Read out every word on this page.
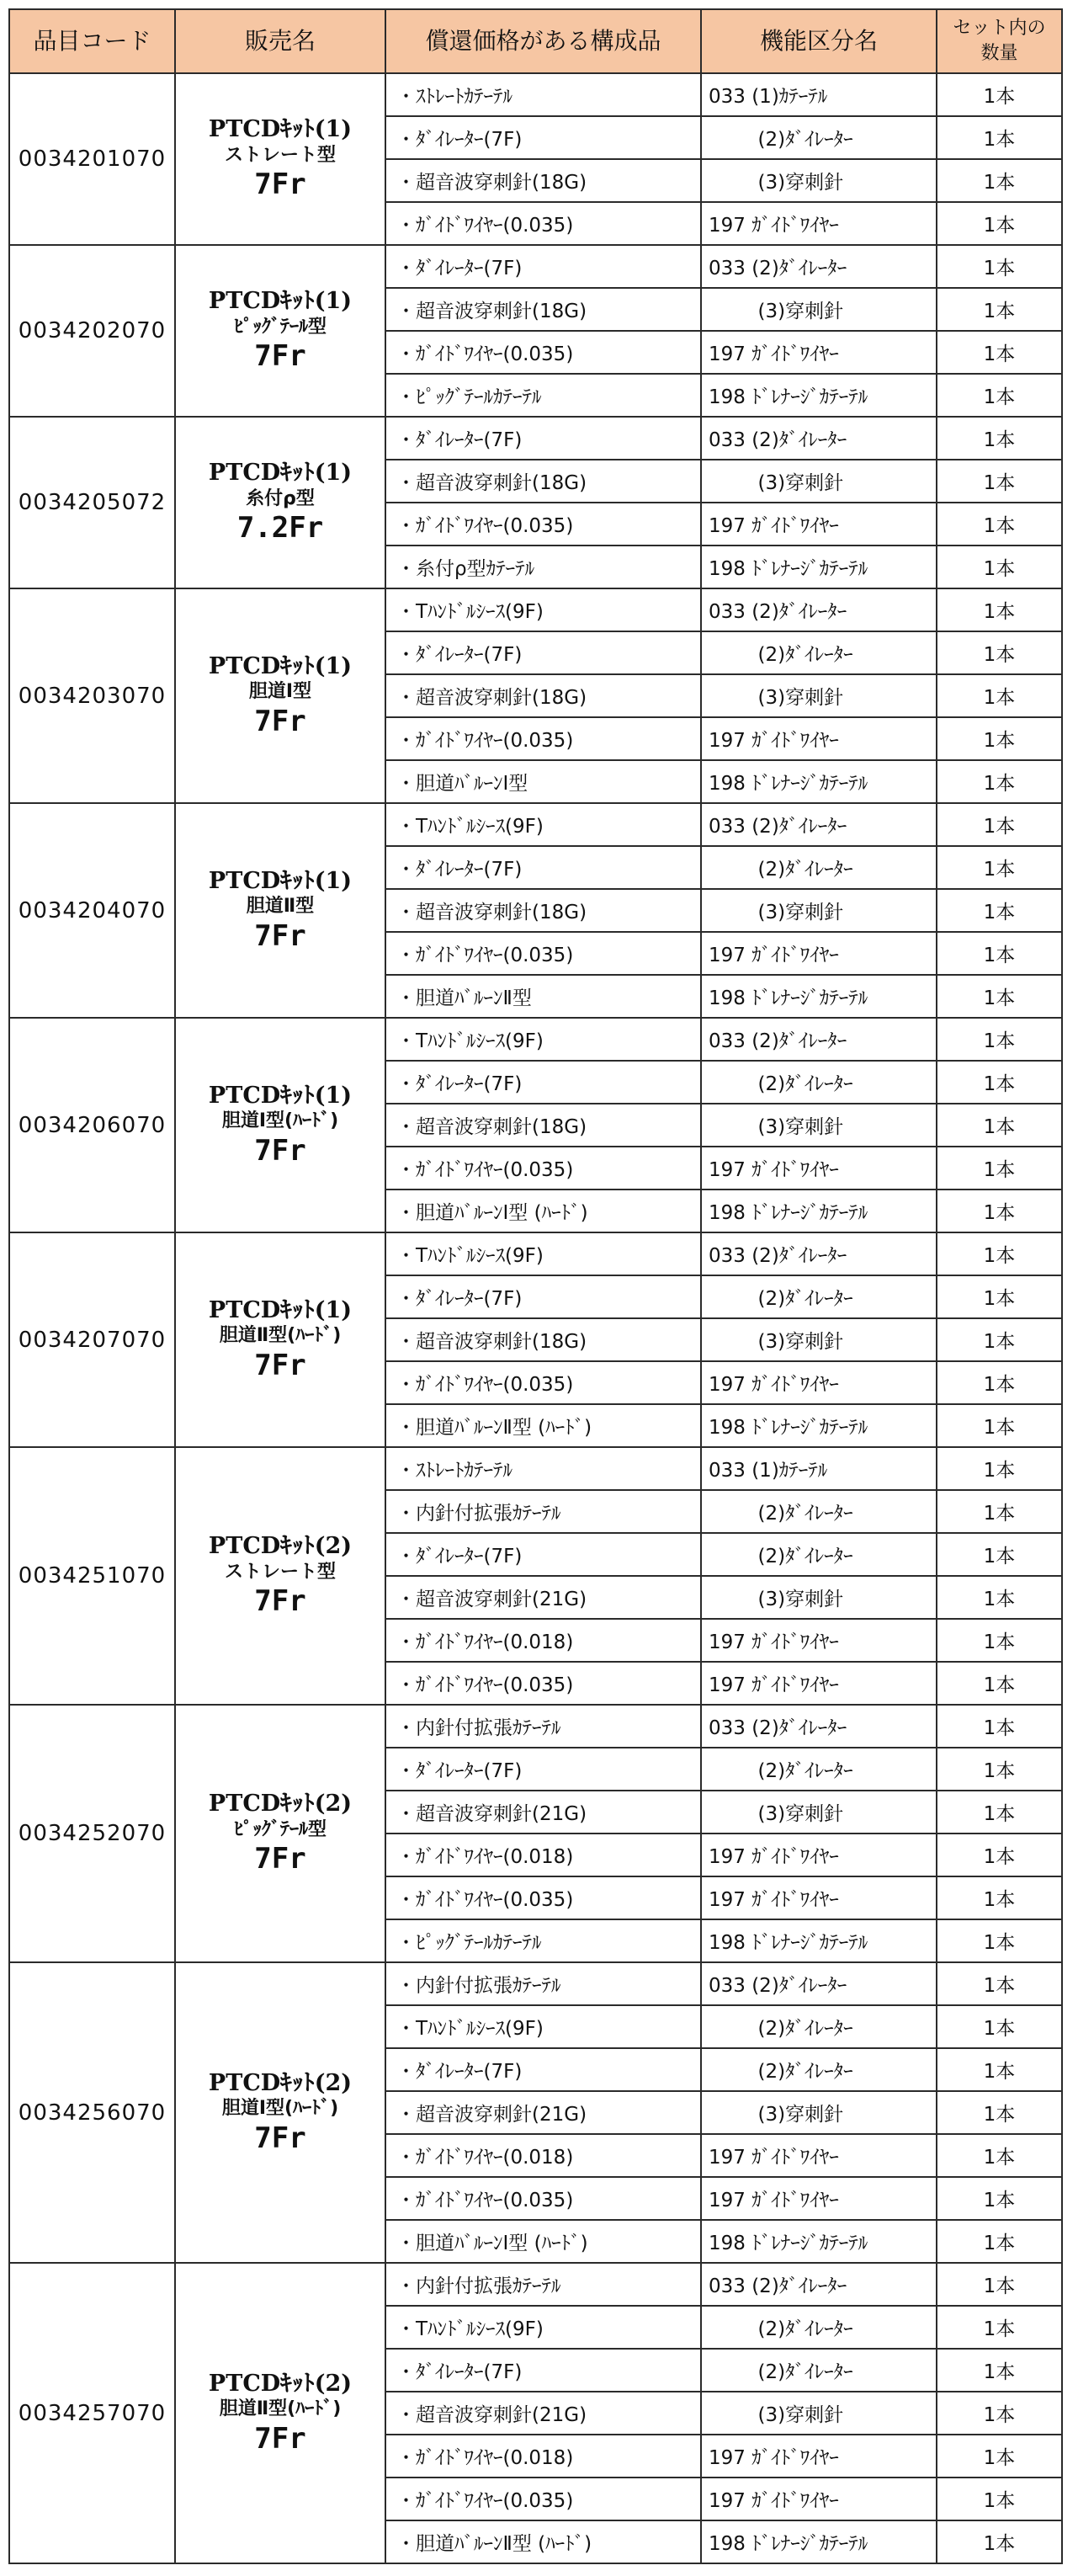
品目コード	販売名	償還価格がある構成品	機能区分名	セット内の
数量
0034201070	PTCDｷｯﾄ(1)
ストレート型
7Fr	・ｽﾄﾚｰﾄｶﾃｰﾃﾙ	033 (1)ｶﾃｰﾃﾙ	1本
		・ﾀﾞｲﾚｰﾀｰ(7F)	(2)ﾀﾞｲﾚｰﾀｰ	1本
		・超音波穿刺針(18G)	(3)穿刺針	1本
		・ｶﾞｲﾄﾞﾜｲﾔｰ(0.035)	197 ｶﾞｲﾄﾞﾜｲﾔｰ	1本
0034202070	PTCDｷｯﾄ(1)
ﾋﾟｯｸﾞﾃｰﾙ型
7Fr	・ﾀﾞｲﾚｰﾀｰ(7F)	033 (2)ﾀﾞｲﾚｰﾀｰ	1本
		・超音波穿刺針(18G)	(3)穿刺針	1本
		・ｶﾞｲﾄﾞﾜｲﾔｰ(0.035)	197 ｶﾞｲﾄﾞﾜｲﾔｰ	1本
		・ﾋﾟｯｸﾞﾃｰﾙｶﾃｰﾃﾙ	198 ﾄﾞﾚﾅｰｼﾞｶﾃｰﾃﾙ	1本
0034205072	PTCDｷｯﾄ(1)
糸付ρ型
7.2Fr	・ﾀﾞｲﾚｰﾀｰ(7F)	033 (2)ﾀﾞｲﾚｰﾀｰ	1本
		・超音波穿刺針(18G)	(3)穿刺針	1本
		・ｶﾞｲﾄﾞﾜｲﾔｰ(0.035)	197 ｶﾞｲﾄﾞﾜｲﾔｰ	1本
		・糸付ρ型ｶﾃｰﾃﾙ	198 ﾄﾞﾚﾅｰｼﾞｶﾃｰﾃﾙ	1本
0034203070	PTCDｷｯﾄ(1)
胆道Ⅰ型
7Fr	・Tﾊﾝﾄﾞﾙｼｰｽ(9F)	033 (2)ﾀﾞｲﾚｰﾀｰ	1本
		・ﾀﾞｲﾚｰﾀｰ(7F)	(2)ﾀﾞｲﾚｰﾀｰ	1本
		・超音波穿刺針(18G)	(3)穿刺針	1本
		・ｶﾞｲﾄﾞﾜｲﾔｰ(0.035)	197 ｶﾞｲﾄﾞﾜｲﾔｰ	1本
		・胆道ﾊﾞﾙｰﾝⅠ型	198 ﾄﾞﾚﾅｰｼﾞｶﾃｰﾃﾙ	1本
0034204070	PTCDｷｯﾄ(1)
胆道Ⅱ型
7Fr	・Tﾊﾝﾄﾞﾙｼｰｽ(9F)	033 (2)ﾀﾞｲﾚｰﾀｰ	1本
		・ﾀﾞｲﾚｰﾀｰ(7F)	(2)ﾀﾞｲﾚｰﾀｰ	1本
		・超音波穿刺針(18G)	(3)穿刺針	1本
		・ｶﾞｲﾄﾞﾜｲﾔｰ(0.035)	197 ｶﾞｲﾄﾞﾜｲﾔｰ	1本
		・胆道ﾊﾞﾙｰﾝⅡ型	198 ﾄﾞﾚﾅｰｼﾞｶﾃｰﾃﾙ	1本
0034206070	PTCDｷｯﾄ(1)
胆道Ⅰ型(ﾊｰﾄﾞ)
7Fr	・Tﾊﾝﾄﾞﾙｼｰｽ(9F)	033 (2)ﾀﾞｲﾚｰﾀｰ	1本
		・ﾀﾞｲﾚｰﾀｰ(7F)	(2)ﾀﾞｲﾚｰﾀｰ	1本
		・超音波穿刺針(18G)	(3)穿刺針	1本
		・ｶﾞｲﾄﾞﾜｲﾔｰ(0.035)	197 ｶﾞｲﾄﾞﾜｲﾔｰ	1本
		・胆道ﾊﾞﾙｰﾝⅠ型 (ﾊｰﾄﾞ)	198 ﾄﾞﾚﾅｰｼﾞｶﾃｰﾃﾙ	1本
0034207070	PTCDｷｯﾄ(1)
胆道Ⅱ型(ﾊｰﾄﾞ)
7Fr	・Tﾊﾝﾄﾞﾙｼｰｽ(9F)	033 (2)ﾀﾞｲﾚｰﾀｰ	1本
		・ﾀﾞｲﾚｰﾀｰ(7F)	(2)ﾀﾞｲﾚｰﾀｰ	1本
		・超音波穿刺針(18G)	(3)穿刺針	1本
		・ｶﾞｲﾄﾞﾜｲﾔｰ(0.035)	197 ｶﾞｲﾄﾞﾜｲﾔｰ	1本
		・胆道ﾊﾞﾙｰﾝⅡ型 (ﾊｰﾄﾞ)	198 ﾄﾞﾚﾅｰｼﾞｶﾃｰﾃﾙ	1本
0034251070	PTCDｷｯﾄ(2)
ストレート型
7Fr	・ｽﾄﾚｰﾄｶﾃｰﾃﾙ	033 (1)ｶﾃｰﾃﾙ	1本
		・内針付拡張ｶﾃｰﾃﾙ	(2)ﾀﾞｲﾚｰﾀｰ	1本
		・ﾀﾞｲﾚｰﾀｰ(7F)	(2)ﾀﾞｲﾚｰﾀｰ	1本
		・超音波穿刺針(21G)	(3)穿刺針	1本
		・ｶﾞｲﾄﾞﾜｲﾔｰ(0.018)	197 ｶﾞｲﾄﾞﾜｲﾔｰ	1本
		・ｶﾞｲﾄﾞﾜｲﾔｰ(0.035)	197 ｶﾞｲﾄﾞﾜｲﾔｰ	1本
0034252070	PTCDｷｯﾄ(2)
ﾋﾟｯｸﾞﾃｰﾙ型
7Fr	・内針付拡張ｶﾃｰﾃﾙ	033 (2)ﾀﾞｲﾚｰﾀｰ	1本
		・ﾀﾞｲﾚｰﾀｰ(7F)	(2)ﾀﾞｲﾚｰﾀｰ	1本
		・超音波穿刺針(21G)	(3)穿刺針	1本
		・ｶﾞｲﾄﾞﾜｲﾔｰ(0.018)	197 ｶﾞｲﾄﾞﾜｲﾔｰ	1本
		・ｶﾞｲﾄﾞﾜｲﾔｰ(0.035)	197 ｶﾞｲﾄﾞﾜｲﾔｰ	1本
		・ﾋﾟｯｸﾞﾃｰﾙｶﾃｰﾃﾙ	198 ﾄﾞﾚﾅｰｼﾞｶﾃｰﾃﾙ	1本
0034256070	PTCDｷｯﾄ(2)
胆道Ⅰ型(ﾊｰﾄﾞ)
7Fr	・内針付拡張ｶﾃｰﾃﾙ	033 (2)ﾀﾞｲﾚｰﾀｰ	1本
		・Tﾊﾝﾄﾞﾙｼｰｽ(9F)	(2)ﾀﾞｲﾚｰﾀｰ	1本
		・ﾀﾞｲﾚｰﾀｰ(7F)	(2)ﾀﾞｲﾚｰﾀｰ	1本
		・超音波穿刺針(21G)	(3)穿刺針	1本
		・ｶﾞｲﾄﾞﾜｲﾔｰ(0.018)	197 ｶﾞｲﾄﾞﾜｲﾔｰ	1本
		・ｶﾞｲﾄﾞﾜｲﾔｰ(0.035)	197 ｶﾞｲﾄﾞﾜｲﾔｰ	1本
		・胆道ﾊﾞﾙｰﾝⅠ型 (ﾊｰﾄﾞ)	198 ﾄﾞﾚﾅｰｼﾞｶﾃｰﾃﾙ	1本
0034257070	PTCDｷｯﾄ(2)
胆道Ⅱ型(ﾊｰﾄﾞ)
7Fr	・内針付拡張ｶﾃｰﾃﾙ	033 (2)ﾀﾞｲﾚｰﾀｰ	1本
		・Tﾊﾝﾄﾞﾙｼｰｽ(9F)	(2)ﾀﾞｲﾚｰﾀｰ	1本
		・ﾀﾞｲﾚｰﾀｰ(7F)	(2)ﾀﾞｲﾚｰﾀｰ	1本
		・超音波穿刺針(21G)	(3)穿刺針	1本
		・ｶﾞｲﾄﾞﾜｲﾔｰ(0.018)	197 ｶﾞｲﾄﾞﾜｲﾔｰ	1本
		・ｶﾞｲﾄﾞﾜｲﾔｰ(0.035)	197 ｶﾞｲﾄﾞﾜｲﾔｰ	1本
		・胆道ﾊﾞﾙｰﾝⅡ型 (ﾊｰﾄﾞ)	198 ﾄﾞﾚﾅｰｼﾞｶﾃｰﾃﾙ	1本
